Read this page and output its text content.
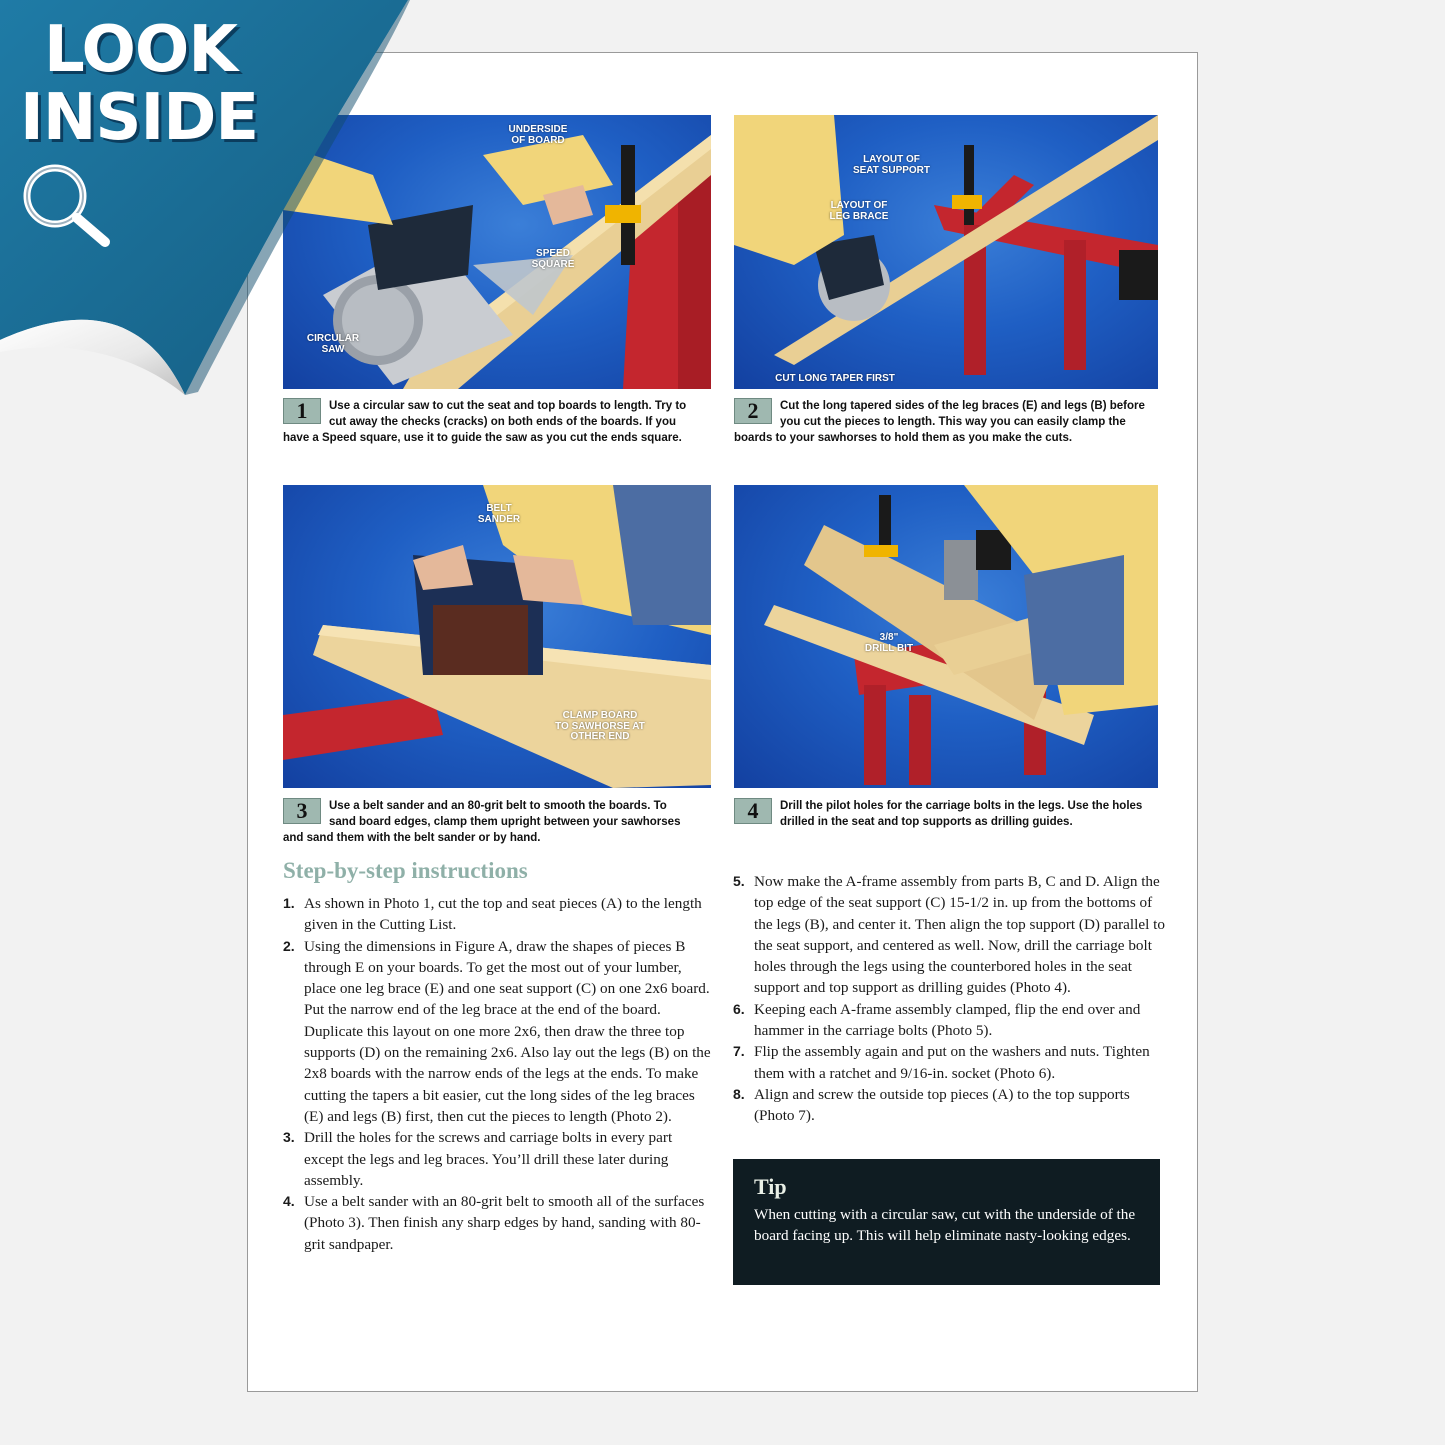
UNDERSIDE
OF BOARD
SPEED
SQUARE
CIRCULAR
SAW
LAYOUT OF
SEAT SUPPORT
LAYOUT OF
LEG BRACE
CUT LONG TAPER FIRST
1	Use a circular saw to cut the seat and top boards to length. Try to cut away the checks (cracks) on both ends of the boards. If you have a Speed square, use it to guide the saw as you cut the ends square.
2	Cut the long tapered sides of the leg braces (E) and legs (B) before you cut the pieces to length. This way you can easily clamp the boards to your sawhorses to hold them as you make the cuts.
BELT
SANDER
CLAMP BOARD
TO SAWHORSE AT
OTHER END
3/8"
DRILL BIT
3	Use a belt sander and an 80-grit belt to smooth the boards. To sand board edges, clamp them upright between your sawhorses and sand them with the belt sander or by hand.
4	Drill the pilot holes for the carriage bolts in the legs. Use the holes drilled in the seat and top supports as drilling guides.
Step-by-step instructions
1. As shown in Photo 1, cut the top and seat pieces (A) to the length given in the Cutting List.
2. Using the dimensions in Figure A, draw the shapes of pieces B through E on your boards. To get the most out of your lumber, place one leg brace (E) and one seat support (C) on one 2x6 board. Put the narrow end of the leg brace at the end of the board. Duplicate this layout on one more 2x6, then draw the three top supports (D) on the remaining 2x6. Also lay out the legs (B) on the 2x8 boards with the narrow ends of the legs at the ends. To make cutting the tapers a bit easier, cut the long sides of the leg braces (E) and legs (B) first, then cut the pieces to length (Photo 2).
3. Drill the holes for the screws and carriage bolts in every part except the legs and leg braces. You’ll drill these later during assembly.
4. Use a belt sander with an 80-grit belt to smooth all of the surfaces (Photo 3). Then finish any sharp edges by hand, sanding with 80-grit sandpaper.
5. Now make the A-frame assembly from parts B, C and D. Align the top edge of the seat support (C) 15-1/2 in. up from the bottoms of the legs (B), and center it. Then align the top support (D) parallel to the seat support, and centered as well. Now, drill the carriage bolt holes through the legs using the counterbored holes in the seat support and top support as drilling guides (Photo 4).
6. Keeping each A-frame assembly clamped, flip the end over and hammer in the carriage bolts (Photo 5).
7. Flip the assembly again and put on the washers and nuts. Tighten them with a ratchet and 9/16-in. socket (Photo 6).
8. Align and screw the outside top pieces (A) to the top supports (Photo 7).
Tip
When cutting with a circular saw, cut with the underside of the board facing up. This will help eliminate nasty-looking edges.
LOOK
INSIDE
